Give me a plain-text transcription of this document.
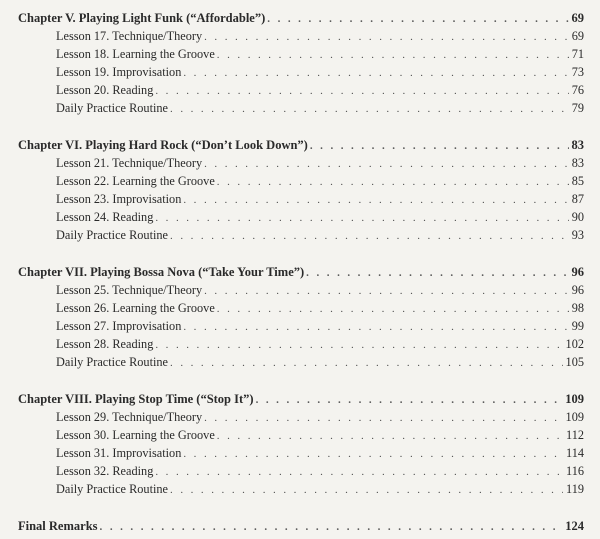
Chapter V. Playing Light Funk (“Affordable”) . . .	69
Lesson 17. Technique/Theory . . .	69
Lesson 18. Learning the Groove . . .	71
Lesson 19. Improvisation . . .	73
Lesson 20. Reading . . .	76
Daily Practice Routine . . .	79
Chapter VI. Playing Hard Rock (“Don’t Look Down”) . . .	83
Lesson 21. Technique/Theory . . .	83
Lesson 22. Learning the Groove . . .	85
Lesson 23. Improvisation . . .	87
Lesson 24. Reading . . .	90
Daily Practice Routine . . .	93
Chapter VII. Playing Bossa Nova (“Take Your Time”) . . .	96
Lesson 25. Technique/Theory . . .	96
Lesson 26. Learning the Groove . . .	98
Lesson 27. Improvisation . . .	99
Lesson 28. Reading . . .	102
Daily Practice Routine . . .	105
Chapter VIII. Playing Stop Time (“Stop It”) . . .	109
Lesson 29. Technique/Theory . . .	109
Lesson 30. Learning the Groove . . .	112
Lesson 31. Improvisation . . .	114
Lesson 32. Reading . . .	116
Daily Practice Routine . . .	119
Final Remarks . . .	124
